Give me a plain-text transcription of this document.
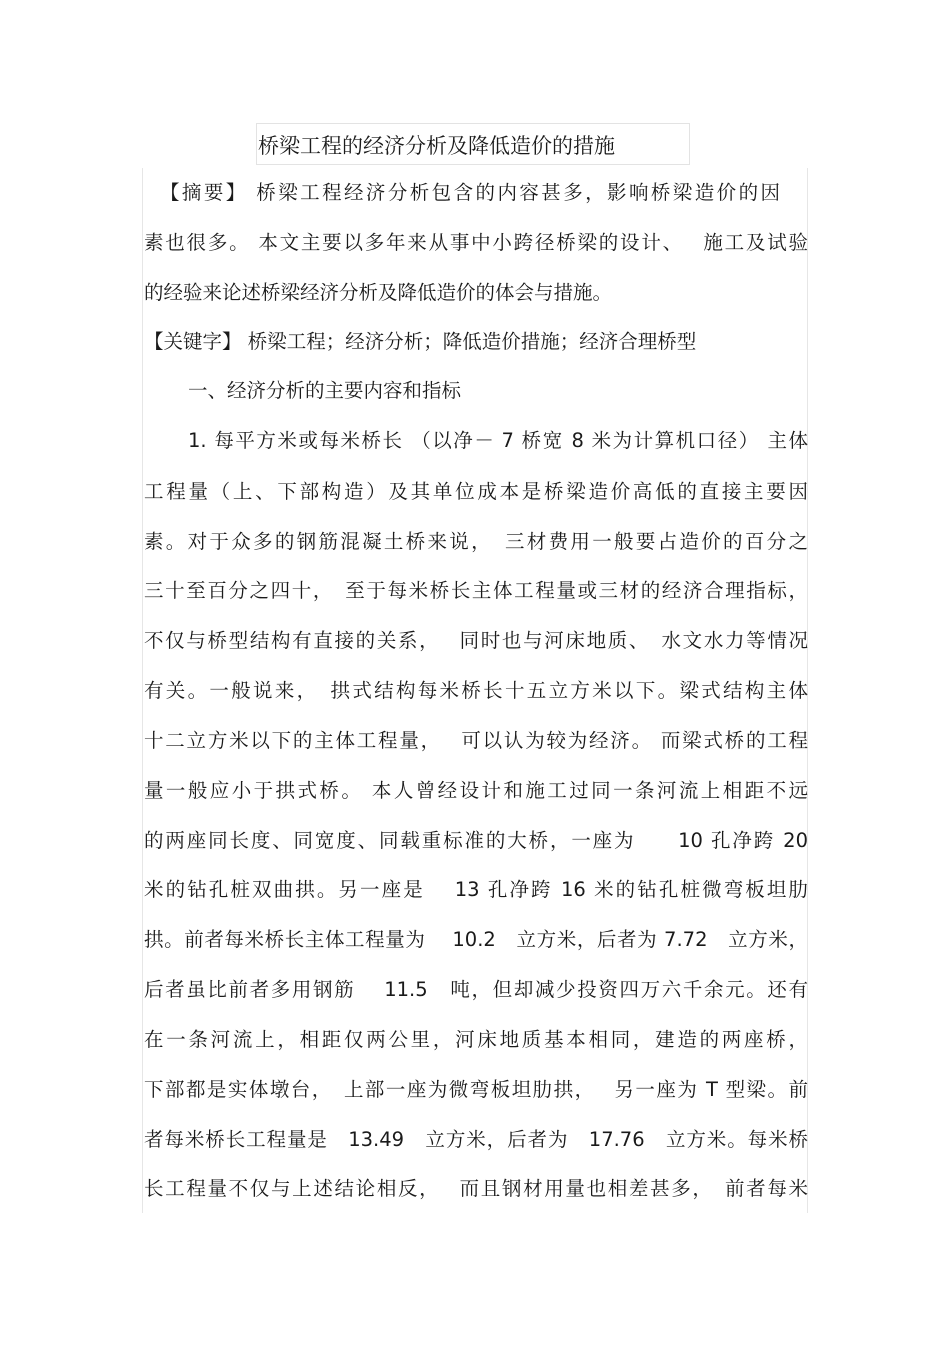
桥梁工程的经济分析及降低造价的措施
【摘要】 桥梁工程经济分析包含的内容甚多，影响桥梁造价的因
素也很多。 本文主要以多年来从事中小跨径桥梁的设计、　 施工及试验
的经验来论述桥梁经济分析及降低造价的体会与措施。
【关键字】 桥梁工程；经济分析；降低造价措施；经济合理桥型
一、经济分析的主要内容和指标
1. 每平方米或每米桥长 （以净－ 7 桥宽 8 米为计算机口径） 主体
工程量（上、下部构造）及其单位成本是桥梁造价高低的直接主要因
素。对于众多的钢筋混凝土桥来说，　三材费用一般要占造价的百分之
三十至百分之四十，　至于每米桥长主体工程量或三材的经济合理指标，
不仅与桥型结构有直接的关系，　 同时也与河床地质、　水文水力等情况
有关。一般说来，　拱式结构每米桥长十五立方米以下。梁式结构主体
十二立方米以下的主体工程量，　 可以认为较为经济。 而梁式桥的工程
量一般应小于拱式桥。 本人曾经设计和施工过同一条河流上相距不远
的两座同长度、同宽度、同载重标准的大桥，一座为　　10 孔净跨 20
米的钻孔桩双曲拱。另一座是　 13 孔净跨 16 米的钻孔桩微弯板坦肋
拱。前者每米桥长主体工程量为　 10.2　立方米，后者为 7.72　立方米，
后者虽比前者多用钢筋　 11.5　吨，但却减少投资四万六千余元。还有
在一条河流上，相距仅两公里，河床地质基本相同，建造的两座桥，
下部都是实体墩台，　上部一座为微弯板坦肋拱，　 另一座为 T 型梁。前
者每米桥长工程量是　13.49　立方米，后者为　17.76　立方米。每米桥
长工程量不仅与上述结论相反，　 而且钢材用量也相差甚多，　前者每米
